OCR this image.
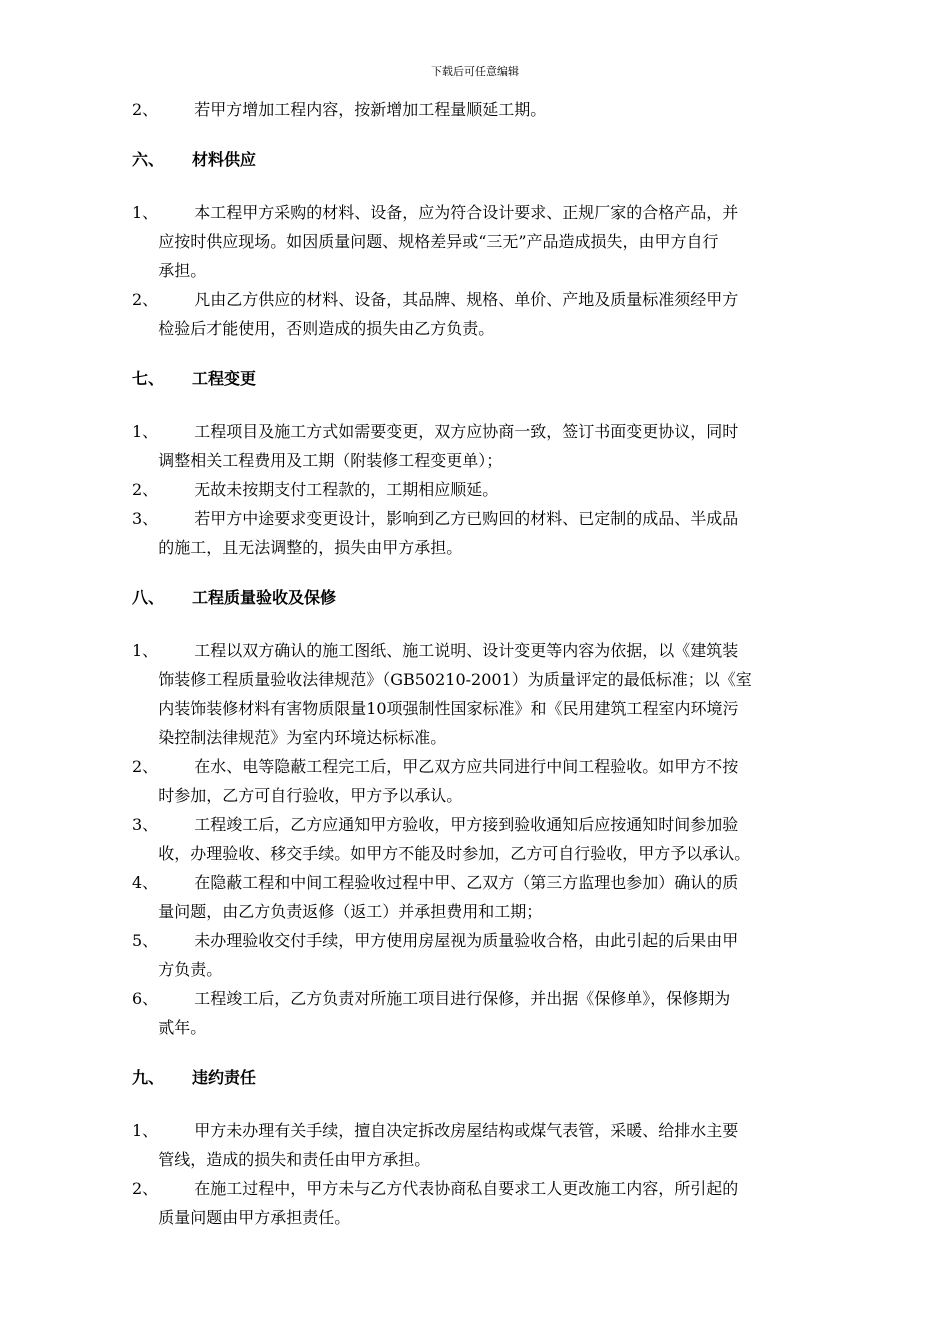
下载后可任意编辑
2、	若甲方增加工程内容，按新增加工程量顺延工期。
六、	材料供应
1、	本工程甲方采购的材料、设备，应为符合设计要求、正规厂家的合格产品，并
应按时供应现场。如因质量问题、规格差异或“三无”产品造成损失，由甲方自行
承担。
2、	凡由乙方供应的材料、设备，其品牌、规格、单价、产地及质量标准须经甲方
检验后才能使用，否则造成的损失由乙方负责。
七、	工程变更
1、	工程项目及施工方式如需要变更，双方应协商一致，签订书面变更协议，同时
调整相关工程费用及工期（附装修工程变更单）；
2、	无故未按期支付工程款的，工期相应顺延。
3、	若甲方中途要求变更设计，影响到乙方已购回的材料、已定制的成品、半成品
的施工，且无法调整的，损失由甲方承担。
八、	工程质量验收及保修
1、	工程以双方确认的施工图纸、施工说明、设计变更等内容为依据，以《建筑装
饰装修工程质量验收法律规范》（GB50210-2001）为质量评定的最低标准；以《室
内装饰装修材料有害物质限量10项强制性国家标准》和《民用建筑工程室内环境污
染控制法律规范》为室内环境达标标准。
2、	在水、电等隐蔽工程完工后，甲乙双方应共同进行中间工程验收。如甲方不按
时参加，乙方可自行验收，甲方予以承认。
3、	工程竣工后，乙方应通知甲方验收，甲方接到验收通知后应按通知时间参加验
收，办理验收、移交手续。如甲方不能及时参加，乙方可自行验收，甲方予以承认。
4、	在隐蔽工程和中间工程验收过程中甲、乙双方（第三方监理也参加）确认的质
量问题，由乙方负责返修（返工）并承担费用和工期；
5、	未办理验收交付手续，甲方使用房屋视为质量验收合格，由此引起的后果由甲
方负责。
6、	工程竣工后，乙方负责对所施工项目进行保修，并出据《保修单》，保修期为
贰年。
九、	违约责任
1、	甲方未办理有关手续，擅自决定拆改房屋结构或煤气表管，采暖、给排水主要
管线，造成的损失和责任由甲方承担。
2、	在施工过程中，甲方未与乙方代表协商私自要求工人更改施工内容，所引起的
质量问题由甲方承担责任。
